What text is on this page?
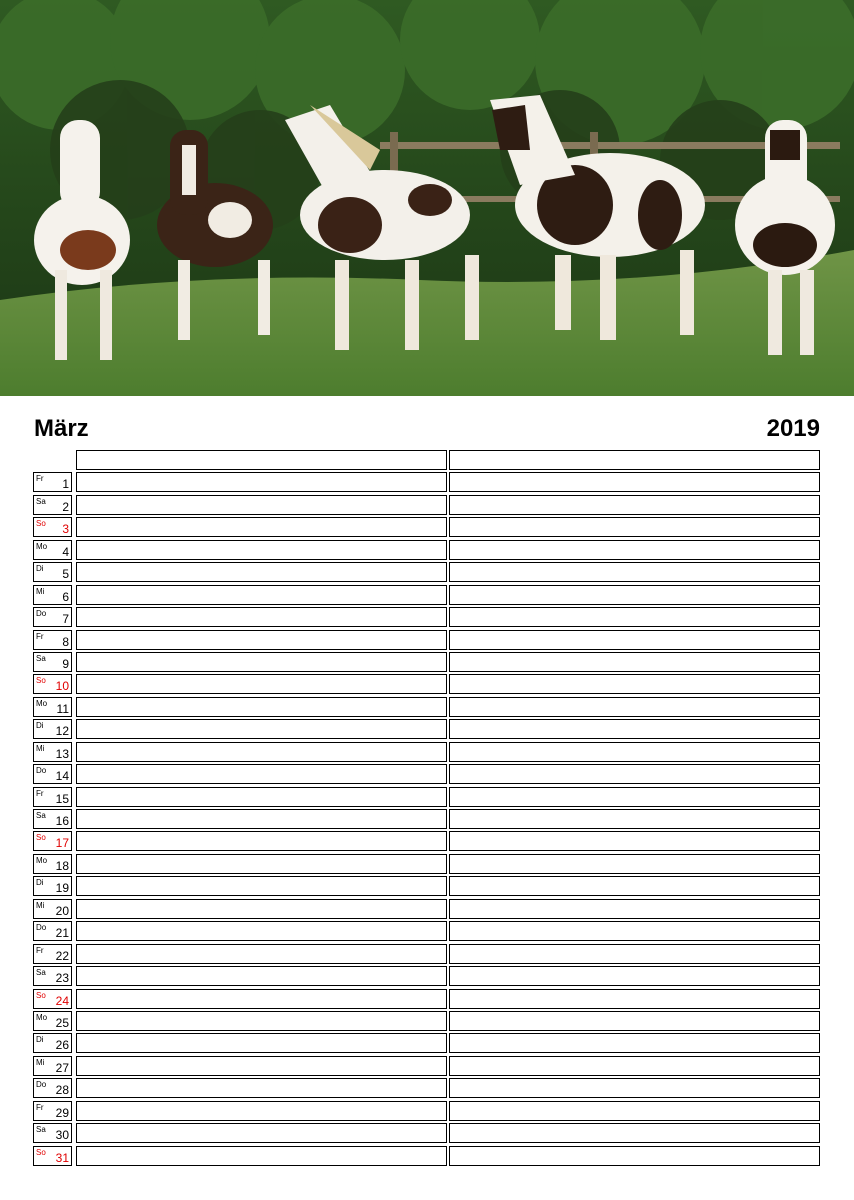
März	2019
Fr 1
Sa 2
So 3
Mo 4
Di 5
Mi 6
Do 7
Fr 8
Sa 9
So 10
Mo 11
Di 12
Mi 13
Do 14
Fr 15
Sa 16
So 17
Mo 18
Di 19
Mi 20
Do 21
Fr 22
Sa 23
So 24
Mo 25
Di 26
Mi 27
Do 28
Fr 29
Sa 30
So 31
